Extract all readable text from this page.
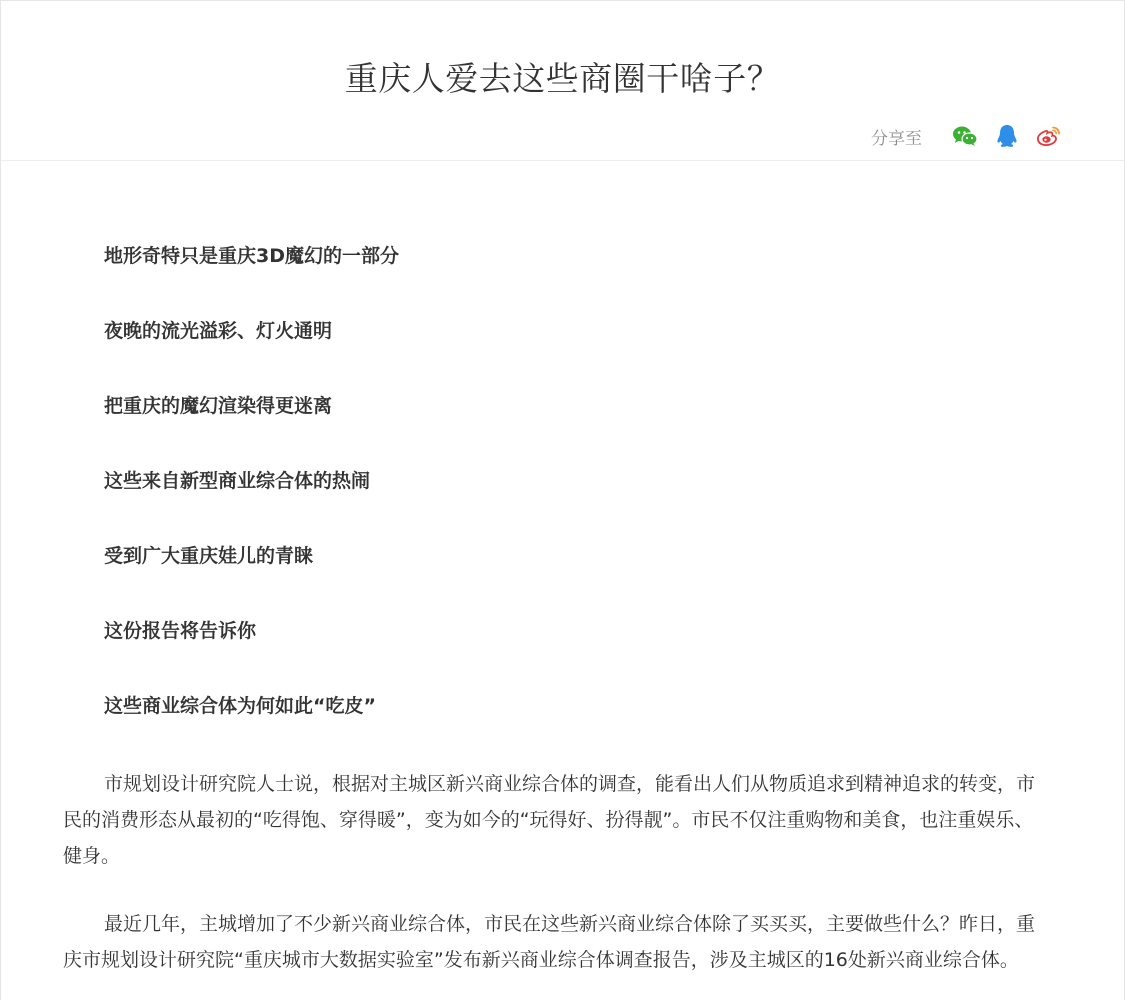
重庆人爱去这些商圈干啥子？
分享至

地形奇特只是重庆3D魔幻的一部分

夜晚的流光溢彩、灯火通明

把重庆的魔幻渲染得更迷离

这些来自新型商业综合体的热闹

受到广大重庆娃儿的青睐

这份报告将告诉你

这些商业综合体为何如此“吃皮”

市规划设计研究院人士说，根据对主城区新兴商业综合体的调查，能看出人们从物质追求到精神追求的转变，市民的消费形态从最初的“吃得饱、穿得暖”，变为如今的“玩得好、扮得靓”。市民不仅注重购物和美食，也注重娱乐、健身。

最近几年，主城增加了不少新兴商业综合体，市民在这些新兴商业综合体除了买买买，主要做些什么？昨日，重庆市规划设计研究院“重庆城市大数据实验室”发布新兴商业综合体调查报告，涉及主城区的16处新兴商业综合体。
